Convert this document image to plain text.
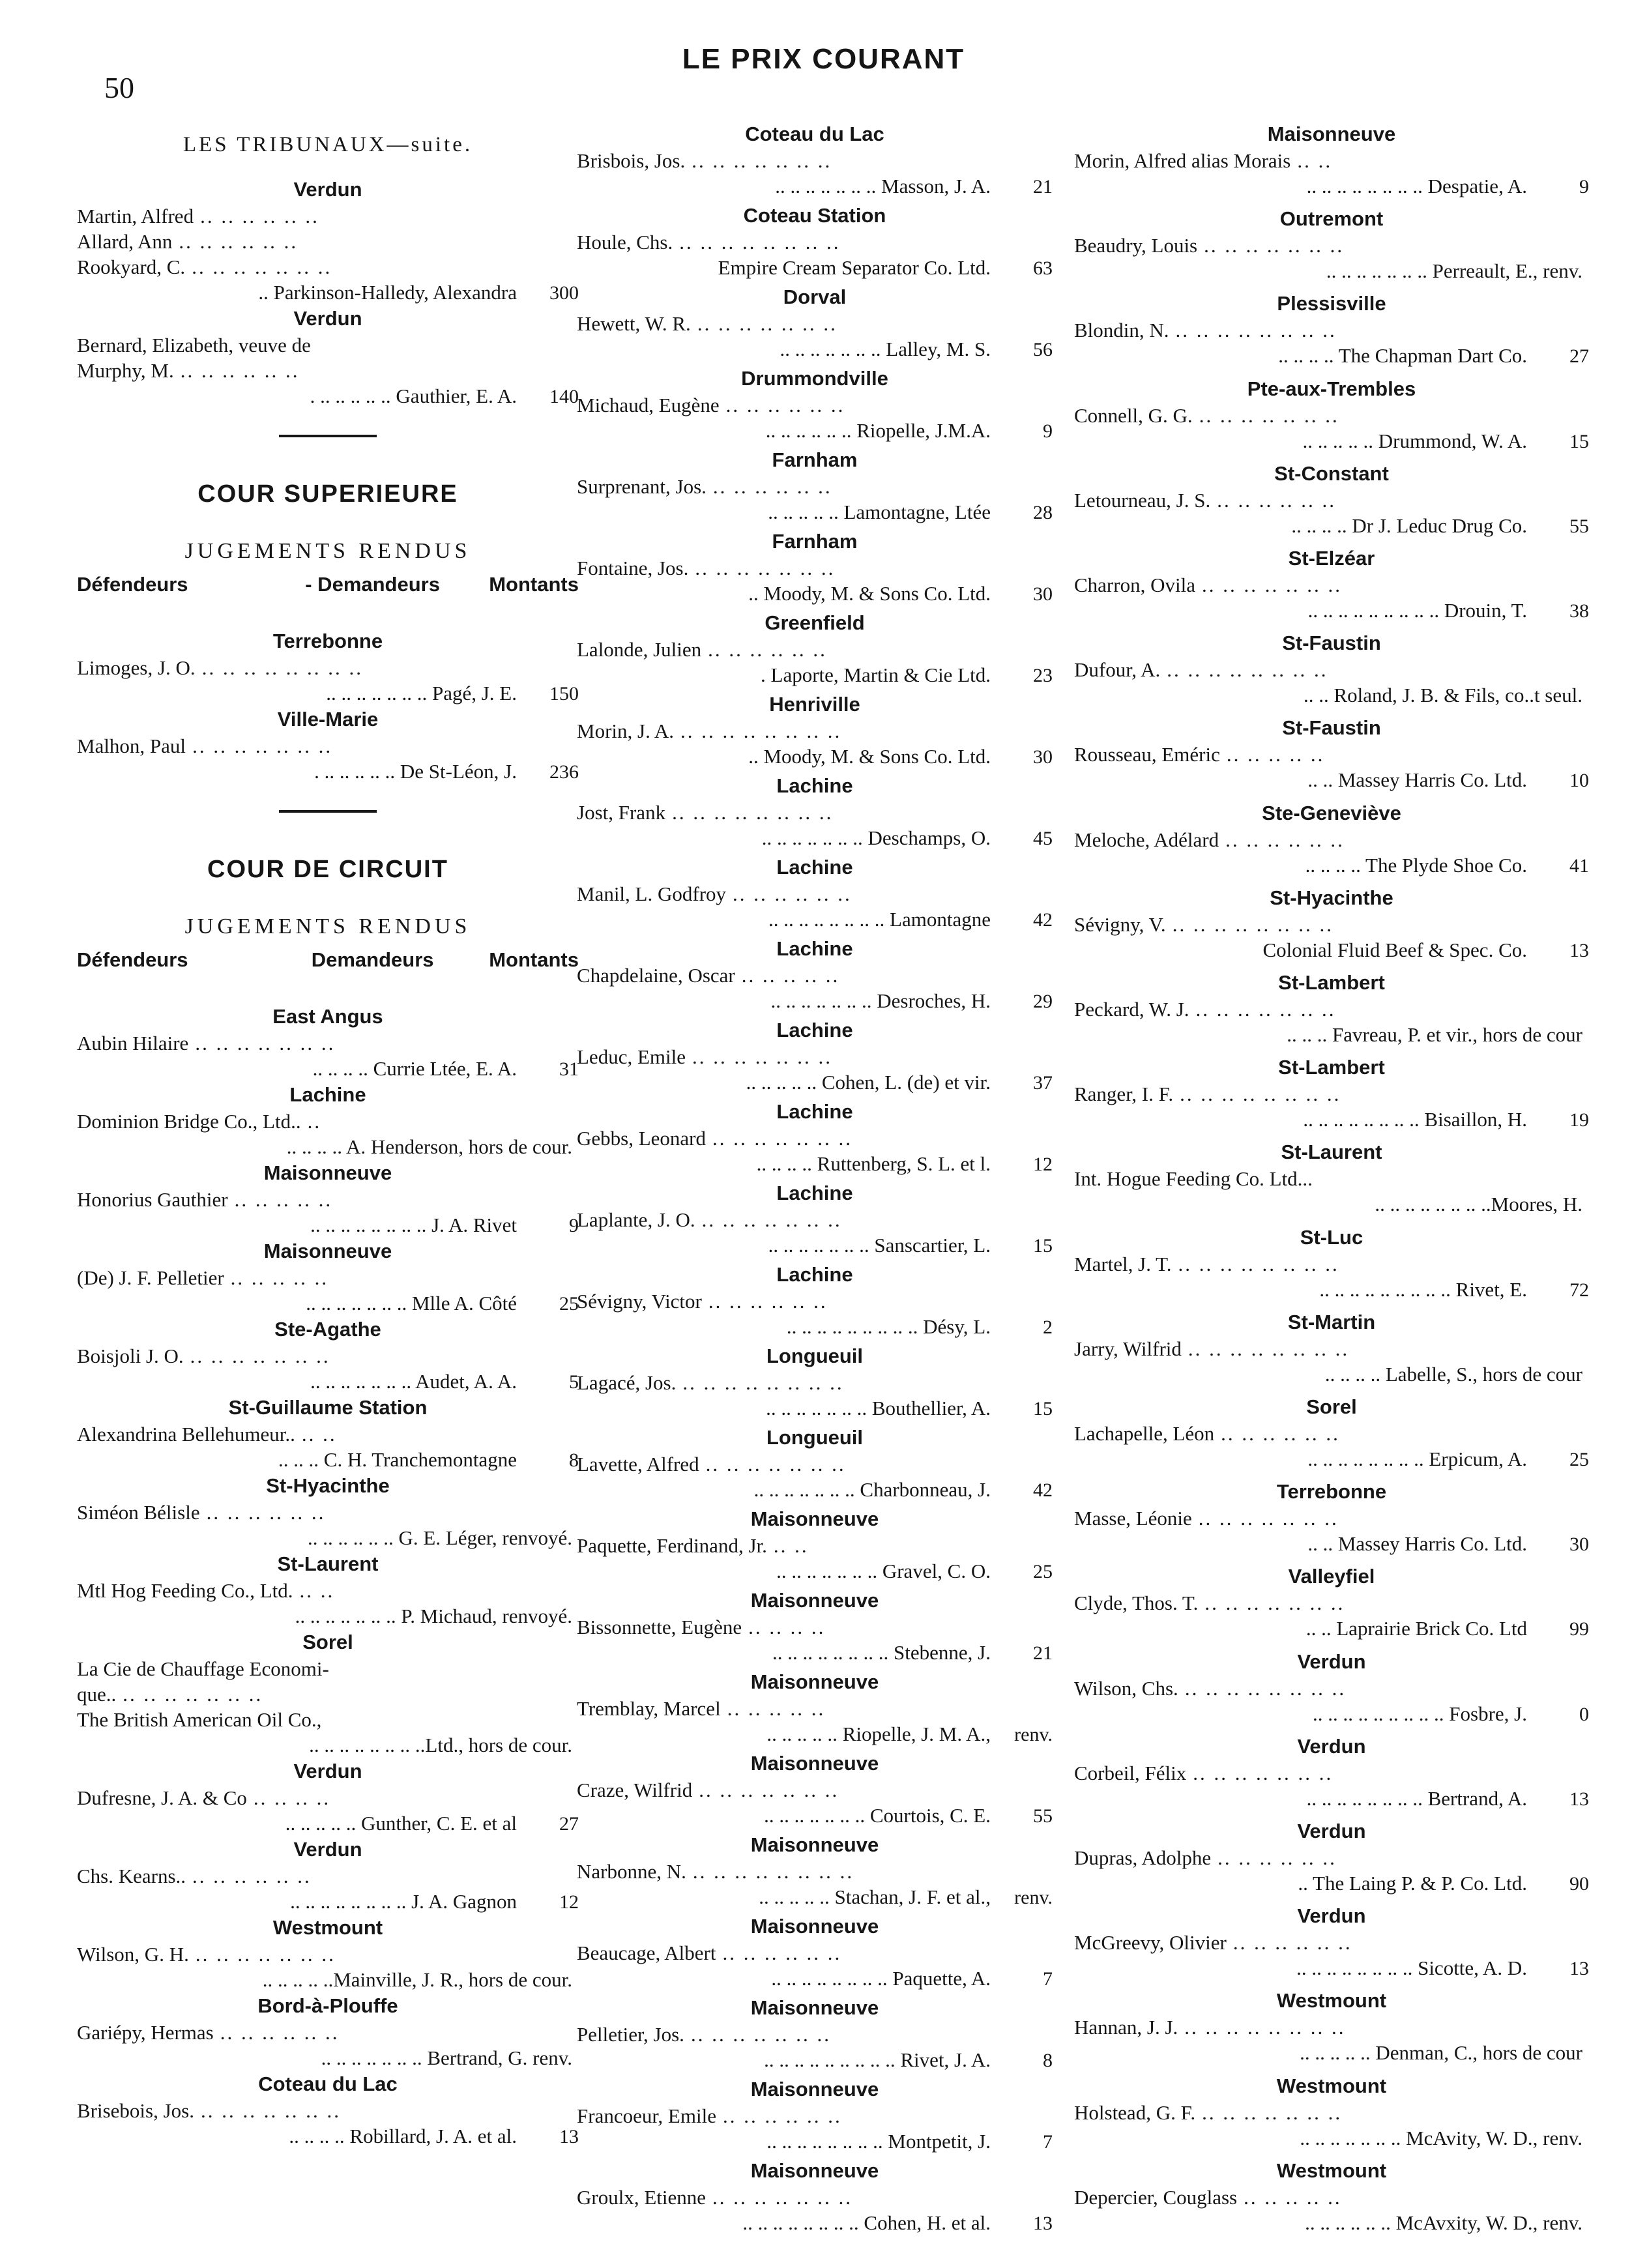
50
LE PRIX COURANT
LES TRIBUNAUX—suite.
Verdun
Martin, Alfred .. .. .. .. .. ..
Allard, Ann .. .. .. .. .. ..
Rookyard, C. .. .. .. .. .. .. ..
.. Parkinson-Halledy, Alexandra	300
Verdun
Bernard, Elizabeth, veuve de
Murphy, M. .. .. .. .. .. ..
. .. .. .. .. .. Gauthier, E. A.	140
COUR SUPERIEURE
JUGEMENTS RENDUS
Défendeurs	- Demandeurs	Montants
Terrebonne
Limoges, J. O. .. .. .. .. .. .. .. ..
.. .. .. .. .. .. .. Pagé, J. E.	150
Ville-Marie
Malhon, Paul .. .. .. .. .. .. ..
. .. .. .. .. .. De St-Léon, J.	236
COUR DE CIRCUIT
JUGEMENTS RENDUS
Défendeurs	Demandeurs	Montants
East Angus
Aubin Hilaire .. .. .. .. .. .. ..
.. .. .. .. Currie Ltée, E. A.	31
Lachine
Dominion Bridge Co., Ltd.. ..
.. .. .. .. A. Henderson, hors de cour.
Maisonneuve
Honorius Gauthier .. .. .. .. ..
.. .. .. .. .. .. .. .. J. A. Rivet	9
Maisonneuve
(De) J. F. Pelletier .. .. .. .. ..
.. .. .. .. .. .. .. Mlle A. Côté	25
Ste-Agathe
Boisjoli J. O. .. .. .. .. .. .. ..
.. .. .. .. .. .. .. Audet, A. A.	5
St-Guillaume Station
Alexandrina Bellehumeur.. .. ..
.. .. .. C. H. Tranchemontagne	8
St-Hyacinthe
Siméon Bélisle .. .. .. .. .. ..
.. .. .. .. .. .. G. E. Léger, renvoyé.
St-Laurent
Mtl Hog Feeding Co., Ltd. .. ..
.. .. .. .. .. .. .. P. Michaud, renvoyé.
Sorel
La Cie de Chauffage Economi-
que.. .. .. .. .. .. .. ..
The British American Oil Co.,
.. .. .. .. .. .. .. ..Ltd., hors de cour.
Verdun
Dufresne, J. A. & Co .. .. .. ..
.. .. .. .. .. Gunther, C. E. et al	27
Verdun
Chs. Kearns.. .. .. .. .. .. ..
.. .. .. .. .. .. .. .. J. A. Gagnon	12
Westmount
Wilson, G. H. .. .. .. .. .. .. ..
.. .. .. .. ..Mainville, J. R., hors de cour.
Bord-à-Plouffe
Gariépy, Hermas .. .. .. .. .. ..
.. .. .. .. .. .. .. Bertrand, G. renv.
Coteau du Lac
Brisebois, Jos. .. .. .. .. .. .. ..
.. .. .. .. Robillard, J. A. et al.	13
Coteau du Lac
Brisbois, Jos. .. .. .. .. .. .. ..
.. .. .. .. .. .. .. Masson, J. A.	21
Coteau Station
Houle, Chs. .. .. .. .. .. .. .. ..
Empire Cream Separator Co. Ltd.	63
Dorval
Hewett, W. R. .. .. .. .. .. .. ..
.. .. .. .. .. .. .. Lalley, M. S.	56
Drummondville
Michaud, Eugène .. .. .. .. .. ..
.. .. .. .. .. .. Riopelle, J.M.A.	9
Farnham
Surprenant, Jos. .. .. .. .. .. ..
.. .. .. .. .. Lamontagne, Ltée	28
Farnham
Fontaine, Jos. .. .. .. .. .. .. ..
.. Moody, M. & Sons Co. Ltd.	30
Greenfield
Lalonde, Julien .. .. .. .. .. ..
. Laporte, Martin & Cie Ltd.	23
Henriville
Morin, J. A. .. .. .. .. .. .. .. ..
.. Moody, M. & Sons Co. Ltd.	30
Lachine
Jost, Frank .. .. .. .. .. .. .. ..
.. .. .. .. .. .. .. Deschamps, O.	45
Lachine
Manil, L. Godfroy .. .. .. .. .. ..
.. .. .. .. .. .. .. .. Lamontagne	42
Lachine
Chapdelaine, Oscar .. .. .. .. ..
.. .. .. .. .. .. .. Desroches, H.	29
Lachine
Leduc, Emile .. .. .. .. .. .. ..
.. .. .. .. .. Cohen, L. (de) et vir.	37
Lachine
Gebbs, Leonard .. .. .. .. .. .. ..
.. .. .. .. Ruttenberg, S. L. et l.	12
Lachine
Laplante, J. O. .. .. .. .. .. .. ..
.. .. .. .. .. .. .. Sanscartier, L.	15
Lachine
Sévigny, Victor .. .. .. .. .. ..
.. .. .. .. .. .. .. .. .. Désy, L.	2
Longueuil
Lagacé, Jos. .. .. .. .. .. .. .. ..
.. .. .. .. .. .. .. Bouthellier, A.	15
Longueuil
Lavette, Alfred .. .. .. .. .. .. ..
.. .. .. .. .. .. .. Charbonneau, J.	42
Maisonneuve
Paquette, Ferdinand, Jr. .. ..
.. .. .. .. .. .. .. Gravel, C. O.	25
Maisonneuve
Bissonnette, Eugène .. .. .. ..
.. .. .. .. .. .. .. .. Stebenne, J.	21
Maisonneuve
Tremblay, Marcel .. .. .. .. ..
.. .. .. .. .. Riopelle, J. M. A.,	renv.
Maisonneuve
Craze, Wilfrid .. .. .. .. .. .. ..
.. .. .. .. .. .. .. Courtois, C. E.	55
Maisonneuve
Narbonne, N. .. .. .. .. .. .. .. ..
.. .. .. .. .. Stachan, J. F. et al.,	renv.
Maisonneuve
Beaucage, Albert .. .. .. .. .. ..
.. .. .. .. .. .. .. .. Paquette, A.	7
Maisonneuve
Pelletier, Jos. .. .. .. .. .. .. ..
.. .. .. .. .. .. .. .. .. Rivet, J. A.	8
Maisonneuve
Francoeur, Emile .. .. .. .. .. ..
.. .. .. .. .. .. .. .. Montpetit, J.	7
Maisonneuve
Groulx, Etienne .. .. .. .. .. .. ..
.. .. .. .. .. .. .. .. Cohen, H. et al.	13
Maisonneuve
Morin, Alfred alias Morais .. ..
.. .. .. .. .. .. .. .. Despatie, A.	9
Outremont
Beaudry, Louis .. .. .. .. .. .. ..
.. .. .. .. .. .. .. Perreault, E., renv.
Plessisville
Blondin, N. .. .. .. .. .. .. .. ..
.. .. .. .. The Chapman Dart Co.	27
Pte-aux-Trembles
Connell, G. G. .. .. .. .. .. .. ..
.. .. .. .. .. Drummond, W. A.	15
St-Constant
Letourneau, J. S. .. .. .. .. .. ..
.. .. .. .. Dr J. Leduc Drug Co.	55
St-Elzéar
Charron, Ovila .. .. .. .. .. .. ..
.. .. .. .. .. .. .. .. .. Drouin, T.	38
St-Faustin
Dufour, A. .. .. .. .. .. .. .. ..
.. .. Roland, J. B. & Fils, co..t seul.
St-Faustin
Rousseau, Eméric .. .. .. .. ..
.. .. Massey Harris Co. Ltd.	10
Ste-Geneviève
Meloche, Adélard .. .. .. .. .. ..
.. .. .. .. The Plyde Shoe Co.	41
St-Hyacinthe
Sévigny, V. .. .. .. .. .. .. .. ..
Colonial Fluid Beef & Spec. Co.	13
St-Lambert
Peckard, W. J. .. .. .. .. .. .. ..
.. .. .. Favreau, P. et vir., hors de cour
St-Lambert
Ranger, I. F. .. .. .. .. .. .. .. ..
.. .. .. .. .. .. .. .. Bisaillon, H.	19
St-Laurent
Int. Hogue Feeding Co. Ltd...
.. .. .. .. .. .. .. ..Moores, H.
St-Luc
Martel, J. T. .. .. .. .. .. .. .. ..
.. .. .. .. .. .. .. .. .. Rivet, E.	72
St-Martin
Jarry, Wilfrid .. .. .. .. .. .. .. ..
.. .. .. .. Labelle, S., hors de cour
Sorel
Lachapelle, Léon .. .. .. .. .. ..
.. .. .. .. .. .. .. .. Erpicum, A.	25
Terrebonne
Masse, Léonie .. .. .. .. .. .. ..
.. .. Massey Harris Co. Ltd.	30
Valleyfiel
Clyde, Thos. T. .. .. .. .. .. .. ..
.. .. Laprairie Brick Co. Ltd	99
Verdun
Wilson, Chs. .. .. .. .. .. .. .. ..
.. .. .. .. .. .. .. .. .. Fosbre, J.	0
Verdun
Corbeil, Félix .. .. .. .. .. .. ..
.. .. .. .. .. .. .. .. Bertrand, A.	13
Verdun
Dupras, Adolphe .. .. .. .. .. ..
.. The Laing P. & P. Co. Ltd.	90
Verdun
McGreevy, Olivier .. .. .. .. .. ..
.. .. .. .. .. .. .. .. Sicotte, A. D.	13
Westmount
Hannan, J. J. .. .. .. .. .. .. .. ..
.. .. .. .. .. Denman, C., hors de cour
Westmount
Holstead, G. F. .. .. .. .. .. .. ..
.. .. .. .. .. .. .. McAvity, W. D., renv.
Westmount
Depercier, Couglass .. .. .. .. ..
.. .. .. .. .. .. McAvxity, W. D., renv.
